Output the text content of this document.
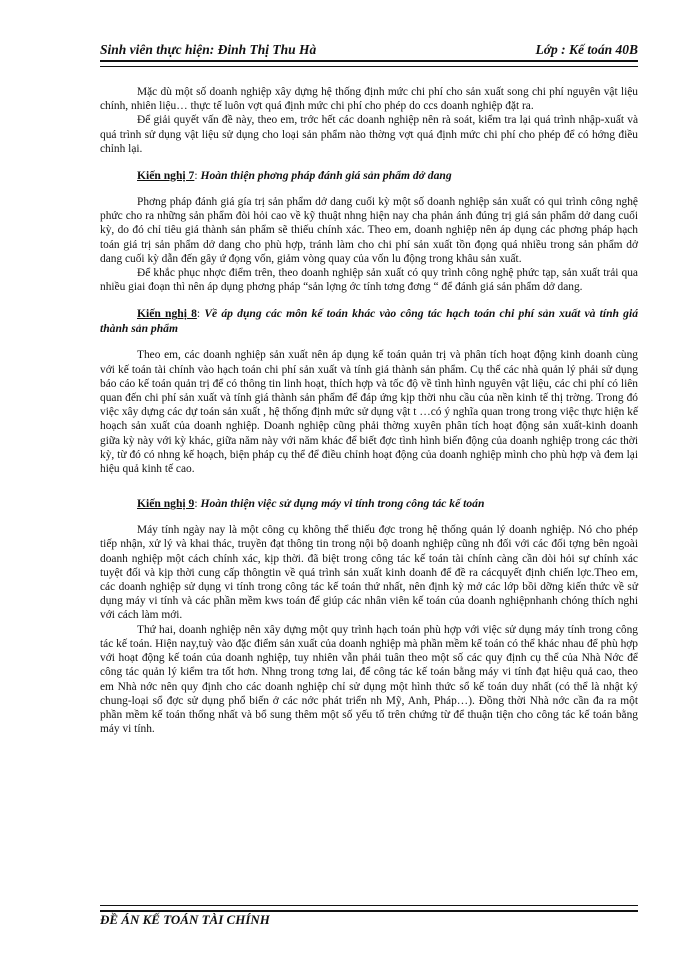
Sinh viên thực hiện: Đinh Thị Thu Hà	Lớp : Kế toán 40B

Mặc dù một số doanh nghiệp xây dựng hệ thống định mức chi phí cho sản xuất song chi phí nguyên vật liệu chính, nhiên liệu… thực tế luôn vợt quá định mức chi phí cho phép do ccs doanh nghiệp đặt ra.

Để giải quyết vấn đề này, theo em, trớc hết các doanh nghiệp nên rà soát, kiểm tra lại quá trình nhập-xuất và quá trình sử dụng vật liệu sử dụng cho loại sản phẩm nào thờng vợt quá định mức chi phí cho phép để có hớng điều chỉnh lại.

Kiến nghị 7: Hoàn thiện phơng pháp đánh giá sản phẩm dở dang

Phơng pháp đánh giá gía trị sản phẩm dở dang cuối kỳ một số doanh nghiệp sản xuất có qui trình công nghệ phức cho ra những sản phẩm đòi hỏi cao về kỹ thuật nhng hiện nay cha phản ánh đúng trị giá sản phẩm dở dang cuối kỳ, do đó chỉ tiêu giá thành sản phẩm sẽ thiếu chính xác. Theo em, doanh nghiệp nên áp dụng các phơng pháp hạch toán giá trị sản phẩm dở dang cho phù hợp, tránh làm cho chi phí sản xuất tồn đọng quá nhiều trong sản phẩm dở dang cuối kỳ dẫn đến gây ứ đọng vốn, giảm vòng quay của vốn lu động trong khâu sản xuất.

Để khắc phục nhợc điểm trên, theo doanh nghiệp sản xuất có quy trình công nghệ phức tạp, sản xuất trải qua nhiều giai đoạn thì nên áp dụng phơng pháp “sản lợng ớc tính tơng đơng “ để đánh giá sản phẩm dở dang.

Kiến nghị 8: Về áp dụng các môn kế toán khác vào công tác hạch toán chi phí sản xuất và tính giá thành sản phẩm

Theo em, các doanh nghiệp sản xuất nên áp dụng kế toán quản trị và phân tích hoạt động kinh doanh cùng với kế toán tài chính vào hạch toán chi phí sản xuất và tính giá thành sản phẩm. Cụ thể các nhà quản lý phải sử dụng báo cáo kế toán quản trị để có thông tin linh hoạt, thích hợp và tốc độ về tình hình nguyên vật liệu, các chi phí có liên quan đến chi phí sản xuất và tính giá thành sản phẩm để đáp ứng kịp thời nhu cầu của nền kinh tế thị trờng. Trong đó việc xây dựng các dự toán sản xuất , hệ thống định mức sử dụng vật t …có ý nghĩa quan trong trong việc thực hiện kế hoạch sản xuất của doanh nghiệp. Doanh nghiệp cũng phải thờng xuyên phân tích hoạt động sản xuất-kinh doanh giữa kỳ này với kỳ khác, giữa năm này với năm khác để biết đợc tình hình biến động của doanh nghiệp trong các thời kỳ, từ đó có nhng kế hoạch, biện pháp cụ thể để điều chỉnh hoạt động của doanh nghiệp mình cho phù hợp và đem lại hiệu quả kinh tế cao.

Kiến nghị 9: Hoàn thiện việc sử dụng máy vi tính trong công tác kế toán

Máy tính ngày nay là một công cụ không thể thiếu đợc trong hệ thống quản lý doanh nghiệp. Nó cho phép tiếp nhận, xử lý và khai thác, truyền đạt thông tin trong nội bộ doanh nghiệp cũng nh đối với các đối tợng bên ngoài doanh nghiệp một cách chính xác, kịp thời. đã biệt trong công tác kế toán tài chính càng cần dòi hỏi sự chính xác tuyệt đối và kịp thời cung cấp thôngtin về quá trình sản xuất kinh doanh để đề ra cácquyết định chiến lợc.Theo em, các doanh nghiệp sử dụng vi tính trong công tác kế toán thứ nhất, nên định kỳ mở các lớp bồi dỡng kiến thức về sử dụng máy vi tính và các phần mềm kws toán để giúp các nhân viên kế toán của doanh nghiệpnhanh chóng thích nghi với cách làm mới.

Thứ hai, doanh nghiệp nên xây dựng một quy trình hạch toán phù hợp với việc sử dụng máy tính trong công tác kế toán. Hiện nay,tuỳ vào đặc điểm sản xuất của doanh nghiệp mà phần mềm kế toán có thể khác nhau để phù hợp với hoạt động kế toán của doanh nghiệp, tuy nhiên vẫn phải tuân theo một số các quy định cụ thể của Nhà Nớc để công tác quản lý kiểm tra tốt hơn. Nhng trong tơng lai, để công tác kế toán bằng máy vi tính đạt hiệu quả cao, theo em Nhà nớc nên quy định cho các doanh nghiệp chỉ sử dụng một hình thức sổ kế toán duy nhất (có thể là nhật ký chung-loại sổ đợc sử dụng phổ biến ở các nớc phát triển nh Mỹ, Anh, Pháp…). Đồng thời Nhà nớc cần đa ra một phần mềm kế toán thống nhất và bổ sung thêm một số yếu tố trên chứng từ để thuận tiện cho công tác kế toán bằng máy vi tính.

ĐỀ ÁN KẾ TOÁN TÀI CHÍNH
